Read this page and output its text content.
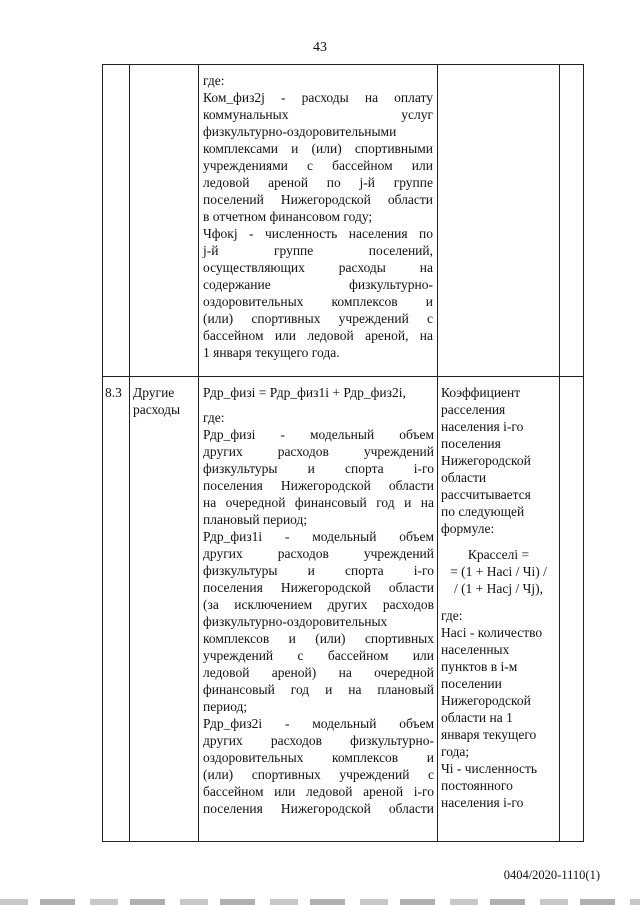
43

где:

Ком_физ2j - расходы на оплату

коммунальных услуг

физкультурно-оздоровительными

комплексами и (или) спортивными

учреждениями с бассейном или

ледовой ареной по j-й группе

поселений Нижегородской области

в отчетном финансовом году;

Чфокj - численность населения по

j-й группе поселений,

осуществляющих расходы на

содержание физкультурно-

оздоровительных комплексов и

(или) спортивных учреждений с

бассейном или ледовой ареной, на

1 января текущего года.

8.3 Другие

расходы

Рдр_физi = Рдр_физ1i + Рдр_физ2i,

где:

Рдр_физi - модельный объем

других расходов учреждений

физкультуры и спорта i-го

поселения Нижегородской области

на очередной финансовый год и на

плановый период;

Рдр_физ1i - модельный объем

других расходов учреждений

физкультуры и спорта i-го

поселения Нижегородской области

(за исключением других расходов

физкультурно-оздоровительных

комплексов и (или) спортивных

учреждений с бассейном или

ледовой ареной) на очередной

финансовый год и на плановый

период;

Рдр_физ2i - модельный объем

других расходов физкультурно-

оздоровительных комплексов и

(или) спортивных учреждений с

бассейном или ледовой ареной i-го

поселения Нижегородской области

Коэффициент

расселения

населения i-го

поселения

Нижегородской

области

рассчитывается

по следующей

формуле:

Кpaccелi =

= (1 + Нacі / Чі) /

/ (1 + Нacj / Чj),

где:

Нacі - количество

населенных

пунктов в i-м

поселении

Нижегородской

области на 1

января текущего

года;

Чі - численность

постоянного

населения i-го

0404/2020-1110(1)
